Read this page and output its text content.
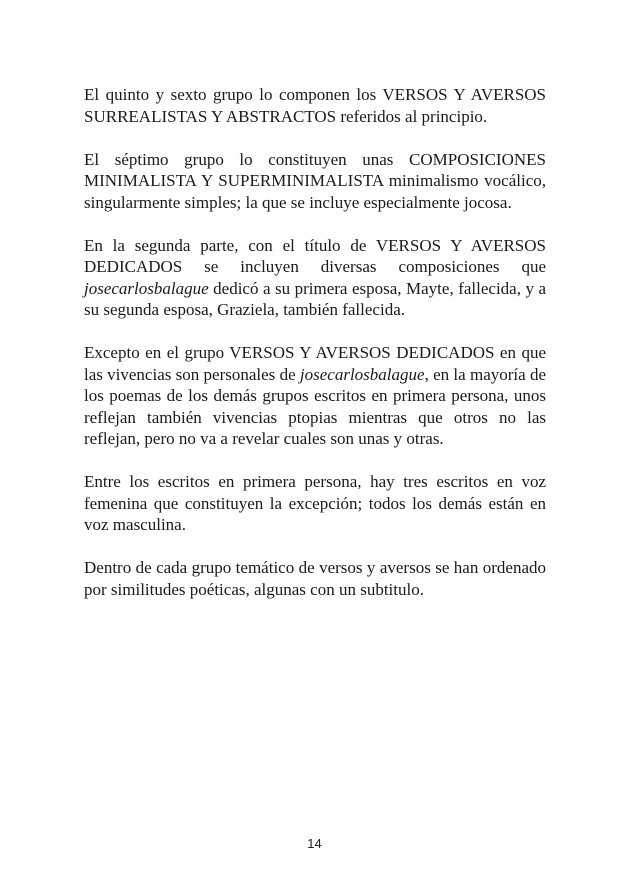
El quinto y sexto grupo lo componen los VERSOS Y AVERSOS SURREALISTAS Y ABSTRACTOS referidos al principio.

El séptimo grupo lo constituyen unas COMPOSICIONES MINIMALISTA Y SUPERMINIMALISTA minimalismo vocálico, singularmente simples; la que se incluye especialmente jocosa.

En la segunda parte, con el título de VERSOS Y AVERSOS DEDICADOS se incluyen diversas composiciones que josecarlosbalague dedicó a su primera esposa, Mayte, fallecida, y a su segunda esposa, Graziela, también fallecida.

Excepto en el grupo VERSOS Y AVERSOS DEDICADOS en que las vivencias son personales de josecarlosbalague, en la mayoría de los poemas de los demás grupos escritos en primera persona, unos reflejan también vivencias ptopias mientras que otros no las reflejan, pero no va a revelar cuales son unas y otras.

Entre los escritos en primera persona, hay tres escritos en voz femenina que constituyen la excepción; todos los demás están en voz masculina.

Dentro de cada grupo temático de versos y aversos se han ordenado por similitudes poéticas, algunas con un subtitulo.

14
